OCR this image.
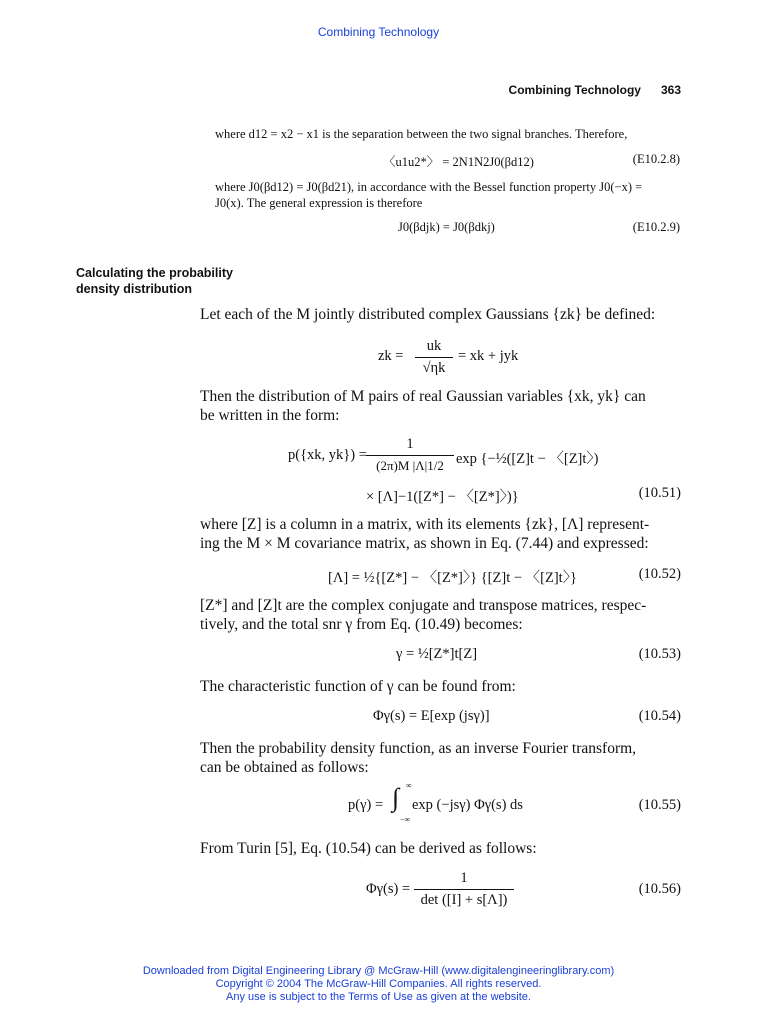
Combining Technology
Combining Technology 363
where d12 = x2 − x1 is the separation between the two signal branches. Therefore,
〈u1u2*〉 = 2N1N2J0(βd12)	(E10.2.8)
where J0(βd12) = J0(βd21), in accordance with the Bessel function property J0(−x) =
J0(x). The general expression is therefore
J0(βdjk) = J0(βdkj)	(E10.2.9)
Calculating the probability
density distribution
Let each of the M jointly distributed complex Gaussians {zk} be defined:
zk =
uk
√ηk
= xk + jyk
Then the distribution of M pairs of real Gaussian variables {xk, yk} can
be written in the form:
p({xk, yk}) =
1
(2π)M |Λ|1/2 exp {−½([Z]t − 〈[Z]t〉)
× [Λ]−1([Z*] − 〈[Z*]〉)}	(10.51)
where [Z] is a column in a matrix, with its elements {zk}, [Λ] represent-
ing the M × M covariance matrix, as shown in Eq. (7.44) and expressed:
[Λ] = ½{[Z*] − 〈[Z*]〉} {[Z]t − 〈[Z]t〉}	(10.52)
[Z*] and [Z]t are the complex conjugate and transpose matrices, respec-
tively, and the total snr γ from Eq. (10.49) becomes:
γ = ½[Z*]t[Z]	(10.53)
The characteristic function of γ can be found from:
Φγ(s) = E[exp (jsγ)]	(10.54)
Then the probability density function, as an inverse Fourier transform,
can be obtained as follows:
p(γ) = ∫ ∞
−∞
exp (−jsγ) Φγ(s) ds	(10.55)
From Turin [5], Eq. (10.54) can be derived as follows:
Φγ(s) =
1
det ([I] + s[Λ])
(10.56)
Downloaded from Digital Engineering Library @ McGraw-Hill (www.digitalengineeringlibrary.com)
Copyright © 2004 The McGraw-Hill Companies. All rights reserved.
Any use is subject to the Terms of Use as given at the website.
